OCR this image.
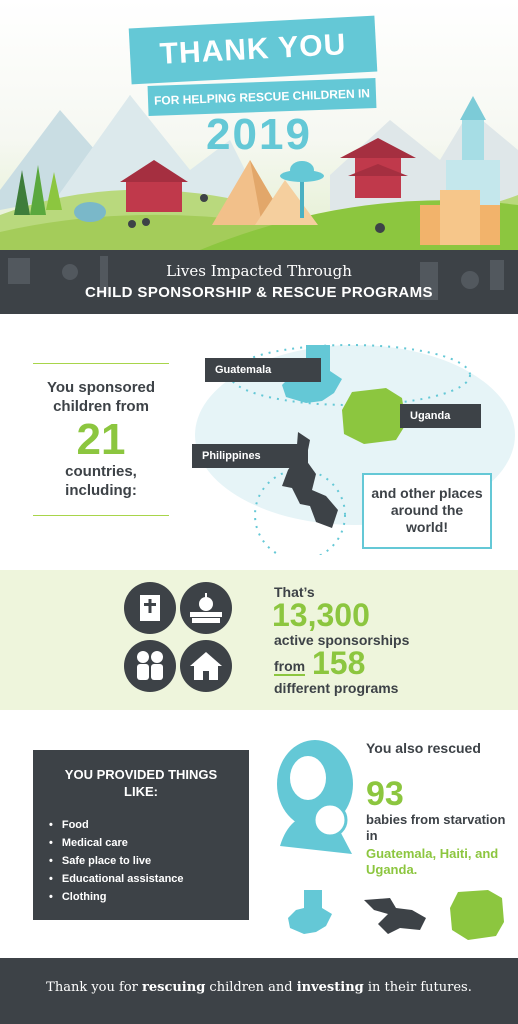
THANK YOU
FOR HELPING RESCUE CHILDREN IN
2019
Lives Impacted Through
CHILD SPONSORSHIP & RESCUE PROGRAMS
You sponsored children from
21
countries, including:
Guatemala
Uganda
Philippines
and other places around the world!
That’s
13,300
active sponsorships
from 158
different programs
YOU PROVIDED THINGS LIKE:
• Food
• Medical care
• Safe place to live
• Educational assistance
• Clothing
You also rescued
93
babies from starvation in
Guatemala, Haiti, and Uganda.
Thank you for rescuing children and investing in their futures.
